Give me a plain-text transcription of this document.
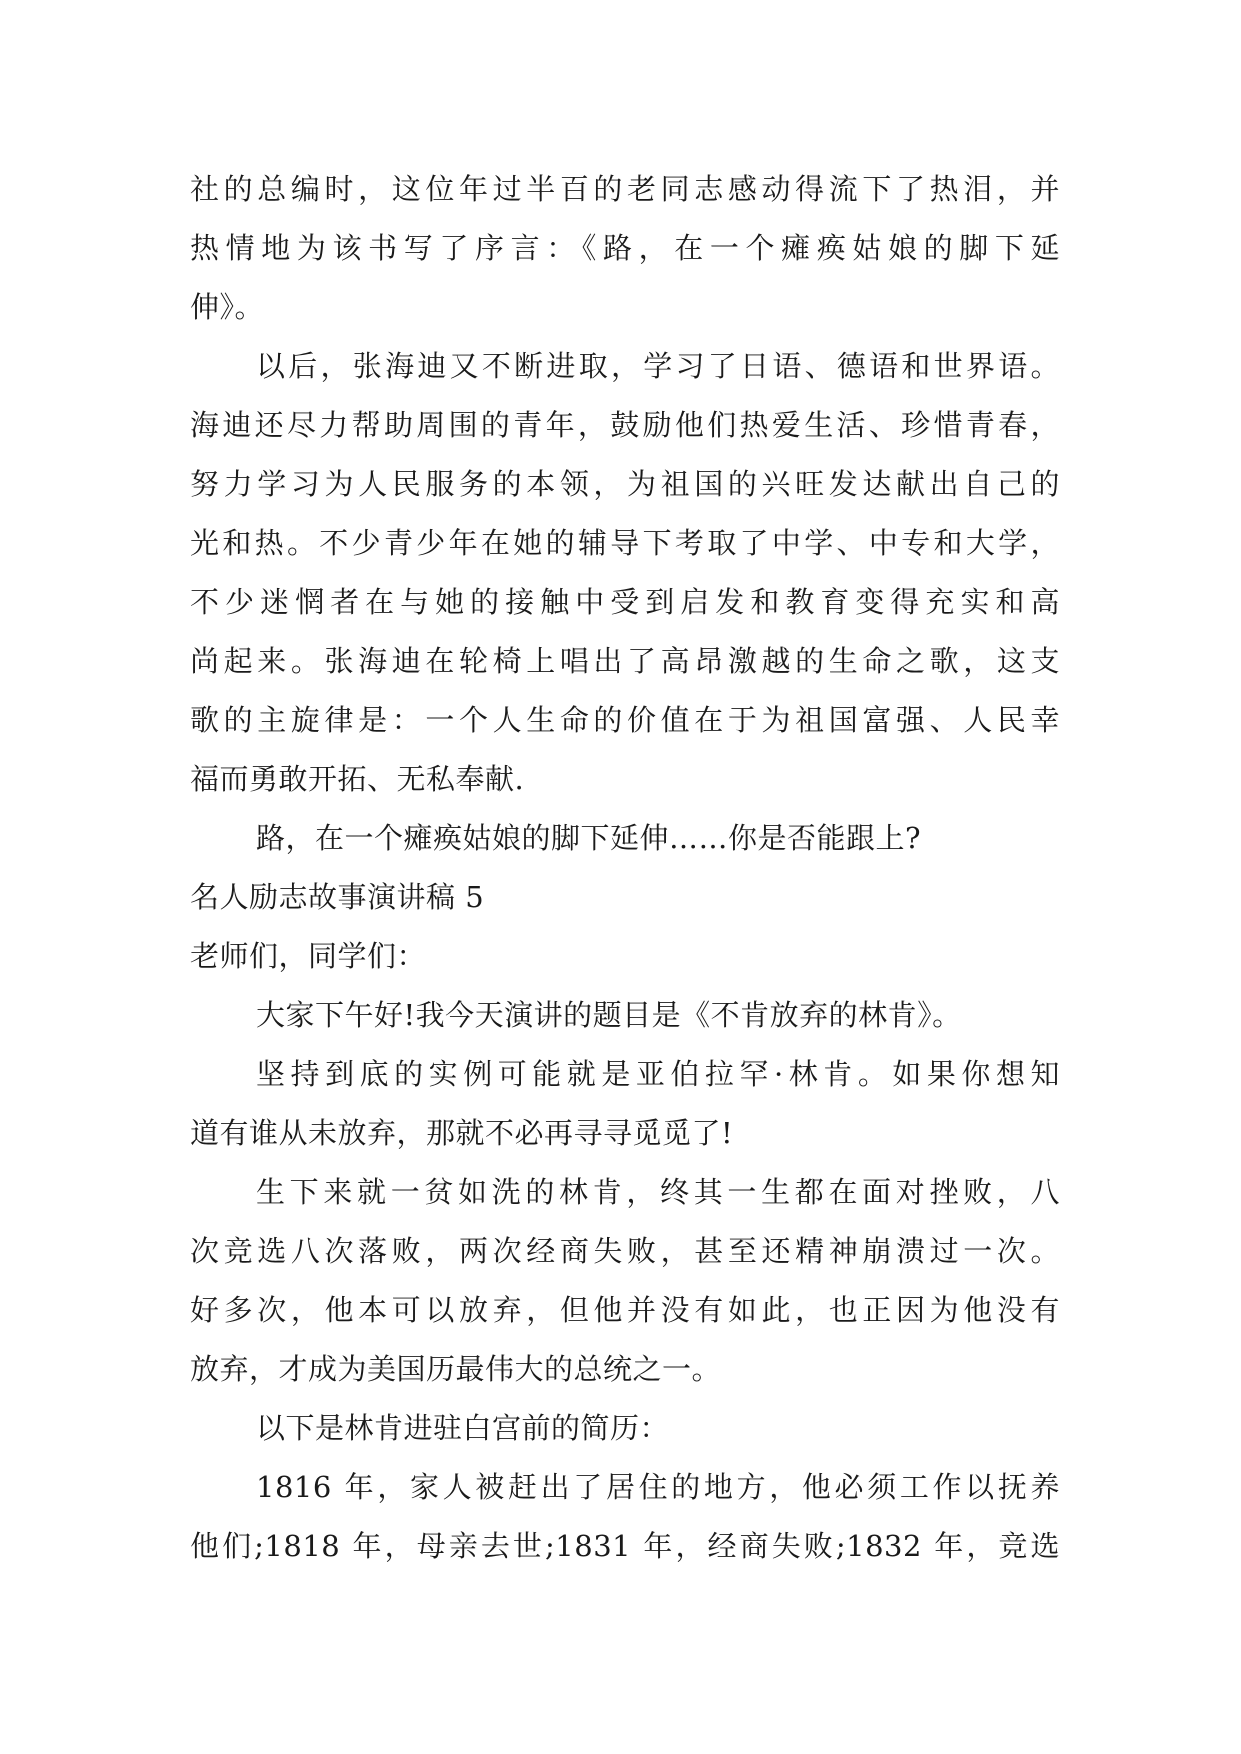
社的总编时，这位年过半百的老同志感动得流下了热泪，并
热情地为该书写了序言：《路，在一个瘫痪姑娘的脚下延
伸》。
以后，张海迪又不断进取，学习了日语、德语和世界语。
海迪还尽力帮助周围的青年，鼓励他们热爱生活、珍惜青春，
努力学习为人民服务的本领，为祖国的兴旺发达献出自己的
光和热。不少青少年在她的辅导下考取了中学、中专和大学，
不少迷惘者在与她的接触中受到启发和教育变得充实和高
尚起来。张海迪在轮椅上唱出了高昂激越的生命之歌，这支
歌的主旋律是：一个人生命的价值在于为祖国富强、人民幸
福而勇敢开拓、无私奉献.
路，在一个瘫痪姑娘的脚下延伸……你是否能跟上?
名人励志故事演讲稿 5
老师们，同学们：
大家下午好!我今天演讲的题目是《不肯放弃的林肯》。
坚持到底的实例可能就是亚伯拉罕·林肯。如果你想知
道有谁从未放弃，那就不必再寻寻觅觅了!
生下来就一贫如洗的林肯，终其一生都在面对挫败，八
次竞选八次落败，两次经商失败，甚至还精神崩溃过一次。
好多次，他本可以放弃，但他并没有如此，也正因为他没有
放弃，才成为美国历最伟大的总统之一。
以下是林肯进驻白宫前的简历：
1816 年，家人被赶出了居住的地方，他必须工作以抚养
他们;1818 年，母亲去世;1831 年，经商失败;1832 年，竞选
